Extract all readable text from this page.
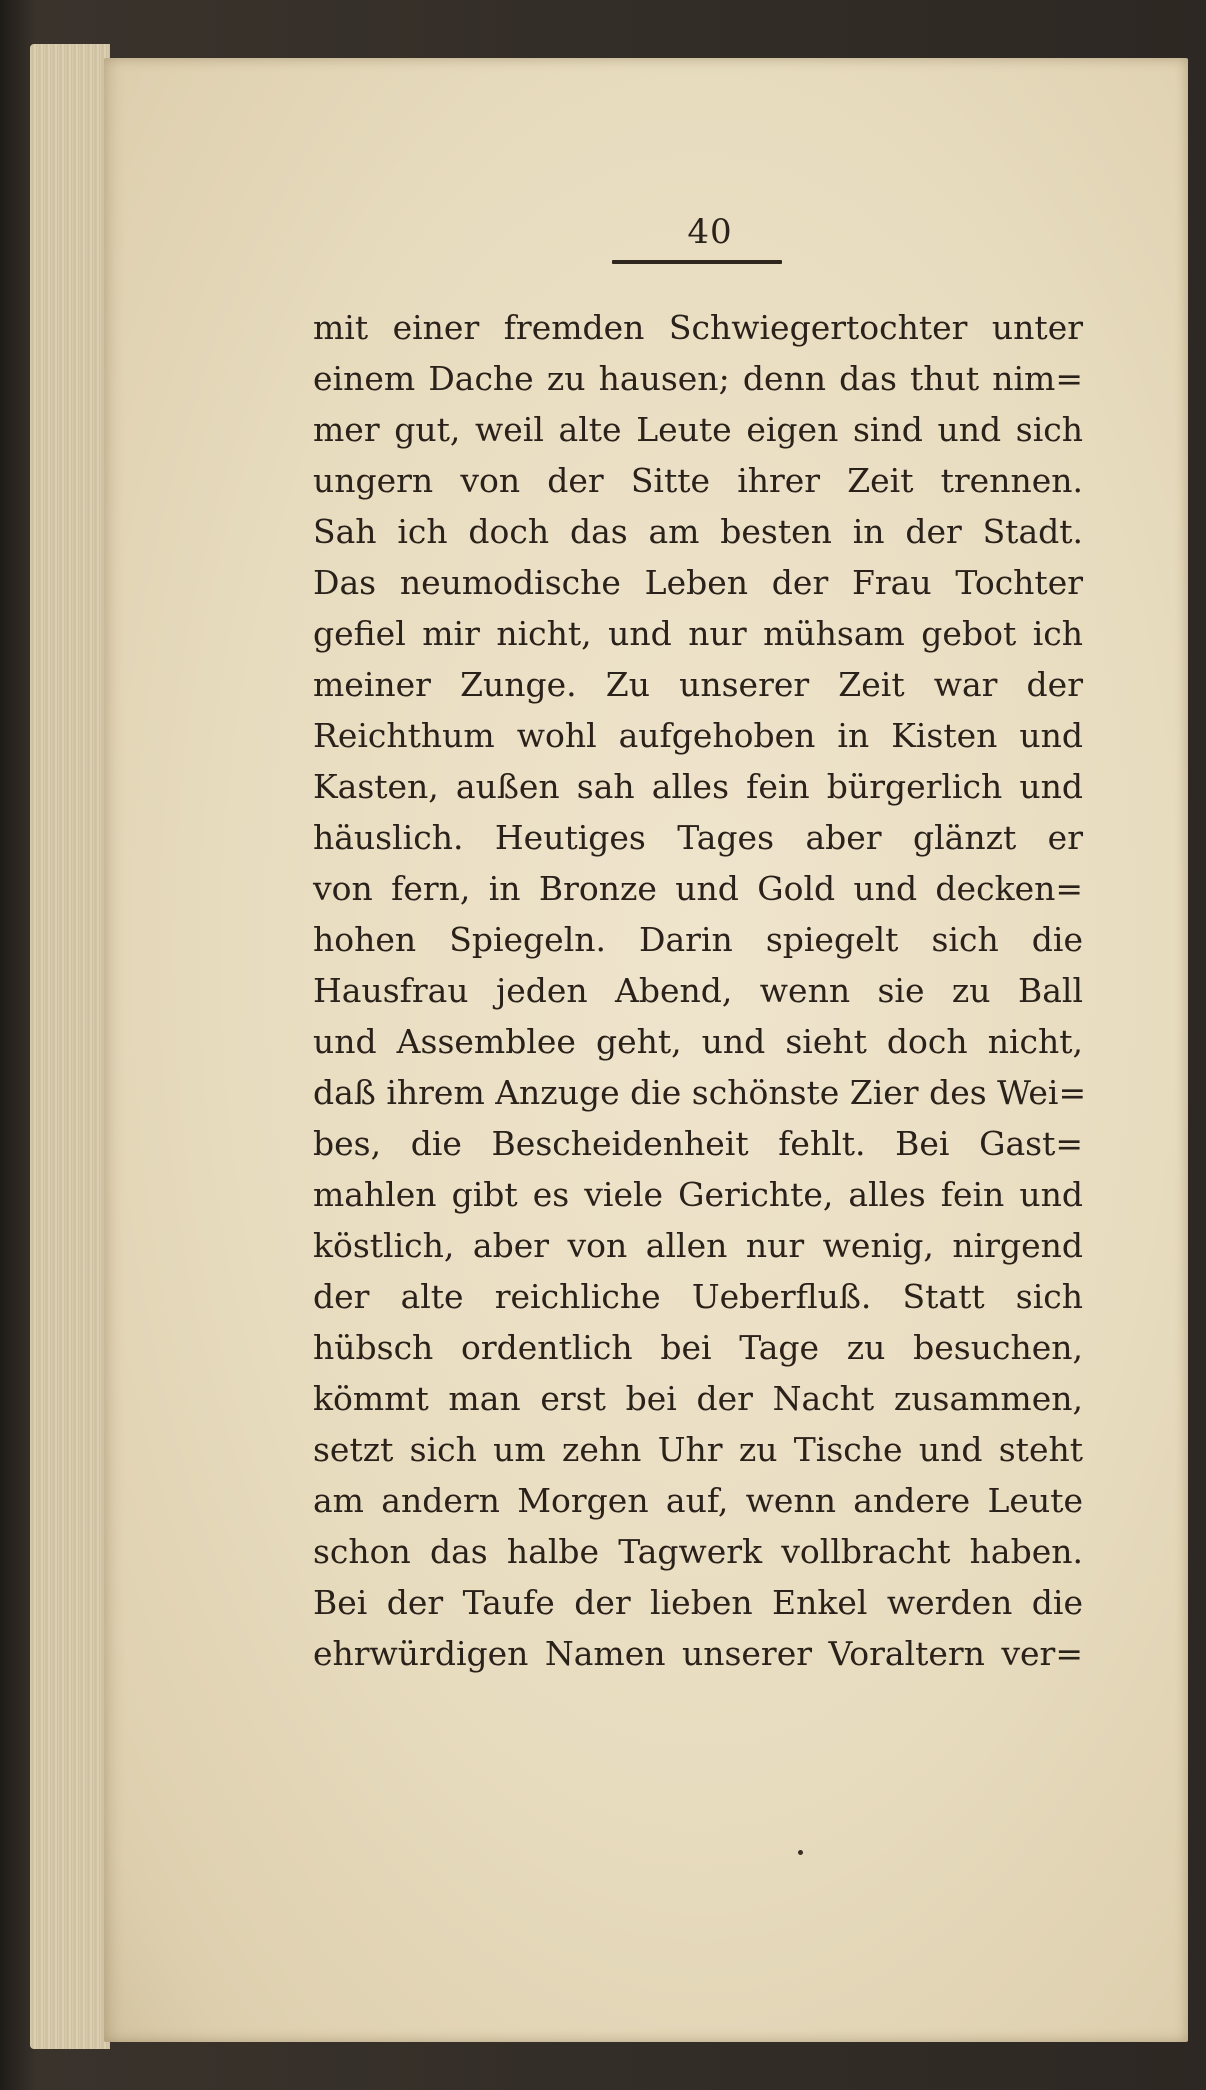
40
mit einer fremden Schwiegertochter unter
einem Dache zu hausen; denn das thut nim=
mer gut, weil alte Leute eigen sind und sich
ungern von der Sitte ihrer Zeit trennen.
Sah ich doch das am besten in der Stadt.
Das neumodische Leben der Frau Tochter
gefiel mir nicht, und nur mühsam gebot ich
meiner Zunge. Zu unserer Zeit war der
Reichthum wohl aufgehoben in Kisten und
Kasten, außen sah alles fein bürgerlich und
häuslich. Heutiges Tages aber glänzt er
von fern, in Bronze und Gold und decken=
hohen Spiegeln. Darin spiegelt sich die
Hausfrau jeden Abend, wenn sie zu Ball
und Assemblee geht, und sieht doch nicht,
daß ihrem Anzuge die schönste Zier des Wei=
bes, die Bescheidenheit fehlt. Bei Gast=
mahlen gibt es viele Gerichte, alles fein und
köstlich, aber von allen nur wenig, nirgend
der alte reichliche Ueberfluß. Statt sich
hübsch ordentlich bei Tage zu besuchen,
kömmt man erst bei der Nacht zusammen,
setzt sich um zehn Uhr zu Tische und steht
am andern Morgen auf, wenn andere Leute
schon das halbe Tagwerk vollbracht haben.
Bei der Taufe der lieben Enkel werden die
ehrwürdigen Namen unserer Voraltern ver=
